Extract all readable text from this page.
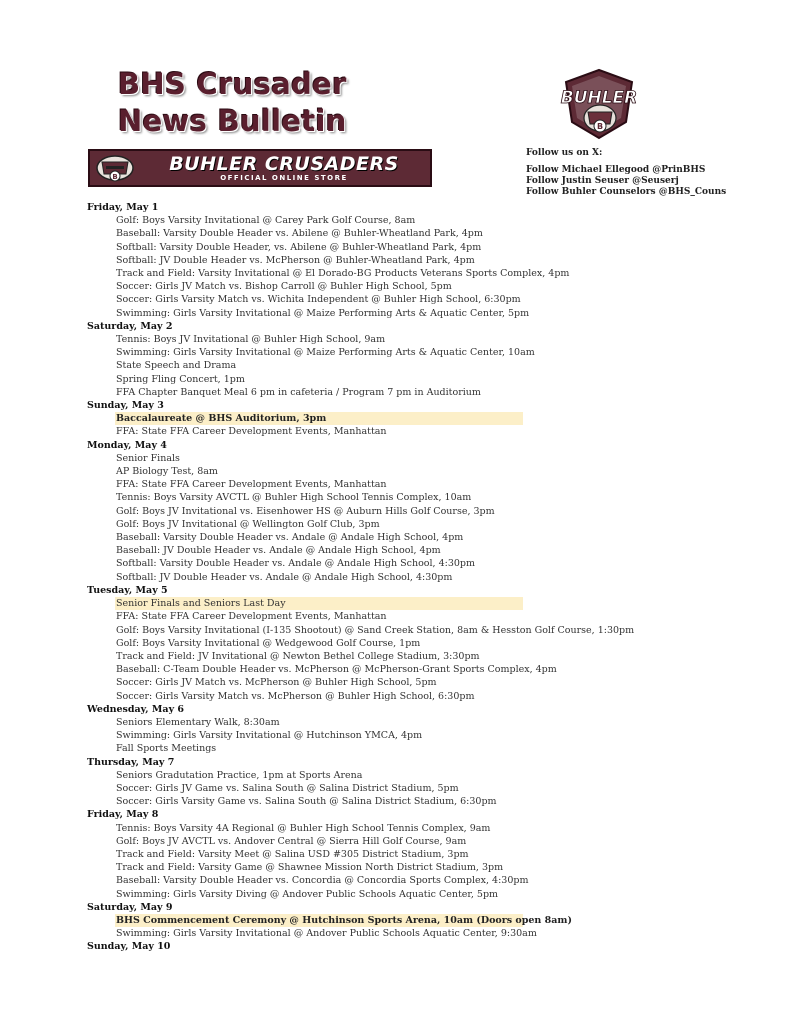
BHS Crusader
News Bulletin
B
BUHLER CRUSADERS
OFFICIAL ONLINE STORE
B
BUHLER
Follow us on X:
Follow Michael Ellegood @PrinBHS
Follow Justin Seuser @Seuserj
Follow Buhler Counselors @BHS_Couns
Friday, May 1
Golf: Boys Varsity Invitational @ Carey Park Golf Course, 8am
Baseball: Varsity Double Header vs. Abilene @ Buhler-Wheatland Park, 4pm
Softball: Varsity Double Header, vs. Abilene @ Buhler-Wheatland Park, 4pm
Softball: JV Double Header vs. McPherson @ Buhler-Wheatland Park, 4pm
Track and Field: Varsity Invitational @ El Dorado-BG Products Veterans Sports Complex, 4pm
Soccer: Girls JV Match vs. Bishop Carroll @ Buhler High School, 5pm
Soccer: Girls Varsity Match vs. Wichita Independent @ Buhler High School, 6:30pm
Swimming: Girls Varsity Invitational @ Maize Performing Arts & Aquatic Center, 5pm
Saturday, May 2
Tennis: Boys JV Invitational @ Buhler High School, 9am
Swimming: Girls Varsity Invitational @ Maize Performing Arts & Aquatic Center, 10am
State Speech and Drama
Spring Fling Concert, 1pm
FFA Chapter Banquet Meal 6 pm in cafeteria / Program 7 pm in Auditorium
Sunday, May 3
Baccalaureate @ BHS Auditorium, 3pm
FFA: State FFA Career Development Events, Manhattan
Monday, May 4
Senior Finals
AP Biology Test, 8am
FFA: State FFA Career Development Events, Manhattan
Tennis: Boys Varsity AVCTL @ Buhler High School Tennis Complex, 10am
Golf: Boys JV Invitational vs. Eisenhower HS @ Auburn Hills Golf Course, 3pm
Golf: Boys JV Invitational @ Wellington Golf Club, 3pm
Baseball: Varsity Double Header vs. Andale @ Andale High School, 4pm
Baseball: JV Double Header vs. Andale @ Andale High School, 4pm
Softball: Varsity Double Header vs. Andale @ Andale High School, 4:30pm
Softball: JV Double Header vs. Andale @ Andale High School, 4:30pm
Tuesday, May 5
Senior Finals and Seniors Last Day
FFA: State FFA Career Development Events, Manhattan
Golf: Boys Varsity Invitational (I-135 Shootout) @ Sand Creek Station, 8am & Hesston Golf Course, 1:30pm
Golf: Boys Varsity Invitational @ Wedgewood Golf Course, 1pm
Track and Field: JV Invitational @ Newton Bethel College Stadium, 3:30pm
Baseball: C-Team Double Header vs. McPherson @ McPherson-Grant Sports Complex, 4pm
Soccer: Girls JV Match vs. McPherson @ Buhler High School, 5pm
Soccer: Girls Varsity Match vs. McPherson @ Buhler High School, 6:30pm
Wednesday, May 6
Seniors Elementary Walk, 8:30am
Swimming: Girls Varsity Invitational @ Hutchinson YMCA, 4pm
Fall Sports Meetings
Thursday, May 7
Seniors Gradutation Practice, 1pm at Sports Arena
Soccer: Girls JV Game vs. Salina South @ Salina District Stadium, 5pm
Soccer: Girls Varsity Game vs. Salina South @ Salina District Stadium, 6:30pm
Friday, May 8
Tennis: Boys Varsity 4A Regional @ Buhler High School Tennis Complex, 9am
Golf: Boys JV AVCTL vs. Andover Central @ Sierra Hill Golf Course, 9am
Track and Field: Varsity Meet @ Salina USD #305 District Stadium, 3pm
Track and Field: Varsity Game @ Shawnee Mission North District Stadium, 3pm
Baseball: Varsity Double Header vs. Concordia @ Concordia Sports Complex, 4:30pm
Swimming: Girls Varsity Diving @ Andover Public Schools Aquatic Center, 5pm
Saturday, May 9
BHS Commencement Ceremony @ Hutchinson Sports Arena, 10am (Doors open 8am)
Swimming: Girls Varsity Invitational @ Andover Public Schools Aquatic Center, 9:30am
Sunday, May 10
